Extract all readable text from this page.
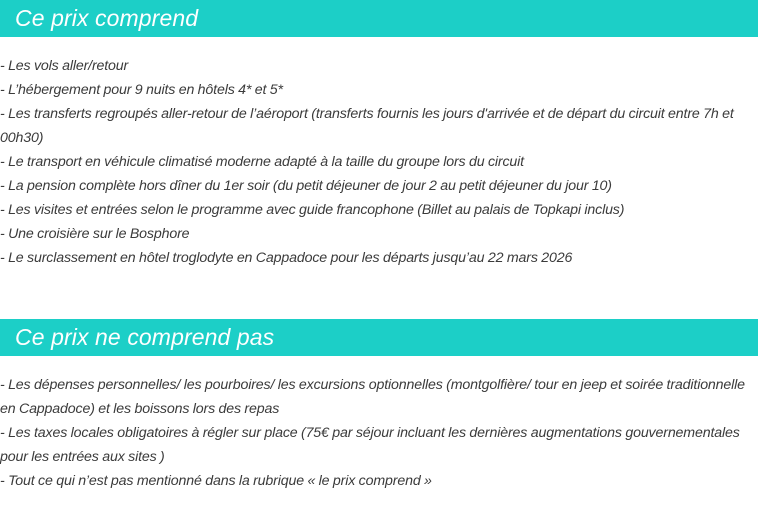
Ce prix comprend
- Les vols aller/retour
- L’hébergement pour 9 nuits en hôtels 4* et 5*
- Les transferts regroupés aller-retour de l’aéroport (transferts fournis les jours d'arrivée et de départ du circuit entre 7h et 00h30)
- Le transport en véhicule climatisé moderne adapté à la taille du groupe lors du circuit
- La pension complète hors dîner du 1er soir (du petit déjeuner de jour 2 au petit déjeuner du jour 10)
- Les visites et entrées selon le programme avec guide francophone (Billet au palais de Topkapi inclus)
- Une croisière sur le Bosphore
- Le surclassement en hôtel troglodyte en Cappadoce pour les départs jusqu’au 22 mars 2026
Ce prix ne comprend pas
- Les dépenses personnelles/ les pourboires/ les excursions optionnelles (montgolfière/ tour en jeep et soirée traditionnelle en Cappadoce) et les boissons lors des repas
- Les taxes locales obligatoires à régler sur place (75€ par séjour incluant les dernières augmentations gouvernementales pour les entrées aux sites )
- Tout ce qui n’est pas mentionné dans la rubrique « le prix comprend »
